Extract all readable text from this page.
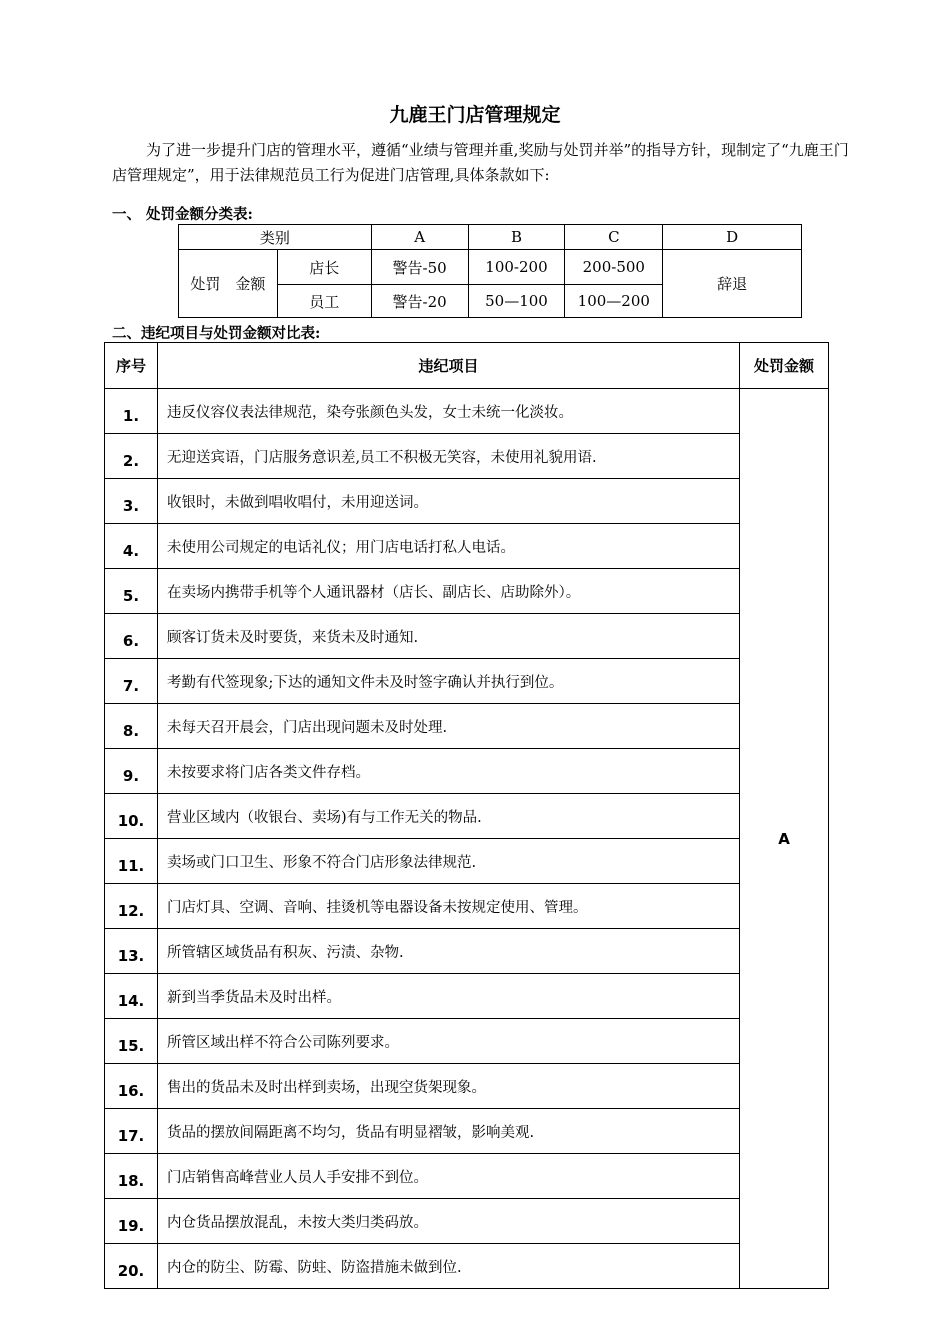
九鹿王门店管理规定
为了进一步提升门店的管理水平，遵循“业绩与管理并重,奖励与处罚并举”的指导方针，现制定了“九鹿王门店管理规定”，用于法律规范员工行为促进门店管理,具体条款如下:
一、 处罚金额分类表:
类别		A	B	C	D
处罚　金额	店长	警告-50	100-200	200-500	辞退
	员工	警告-20	50—100	100—200	
二、违纪项目与处罚金额对比表:
序号	违纪项目	处罚金额
1.	违反仪容仪表法律规范，染夸张颜色头发，女士未统一化淡妆。	A
2.	无迎送宾语，门店服务意识差,员工不积极无笑容，未使用礼貌用语.	
3.	收银时，未做到唱收唱付，未用迎送词。	
4.	未使用公司规定的电话礼仪；用门店电话打私人电话。	
5.	在卖场内携带手机等个人通讯器材（店长、副店长、店助除外）。	
6.	顾客订货未及时要货，来货未及时通知.	
7.	考勤有代签现象;下达的通知文件未及时签字确认并执行到位。	
8.	未每天召开晨会，门店出现问题未及时处理.	
9.	未按要求将门店各类文件存档。	
10.	营业区域内（收银台、卖场)有与工作无关的物品.	
11.	卖场或门口卫生、形象不符合门店形象法律规范.	
12.	门店灯具、空调、音响、挂烫机等电器设备未按规定使用、管理。	
13.	所管辖区域货品有积灰、污渍、杂物.	
14.	新到当季货品未及时出样。	
15.	所管区域出样不符合公司陈列要求。	
16.	售出的货品未及时出样到卖场，出现空货架现象。	
17.	货品的摆放间隔距离不均匀，货品有明显褶皱，影响美观.	
18.	门店销售高峰营业人员人手安排不到位。	
19.	内仓货品摆放混乱，未按大类归类码放。	
20.	内仓的防尘、防霉、防蛀、防盗措施未做到位.	
